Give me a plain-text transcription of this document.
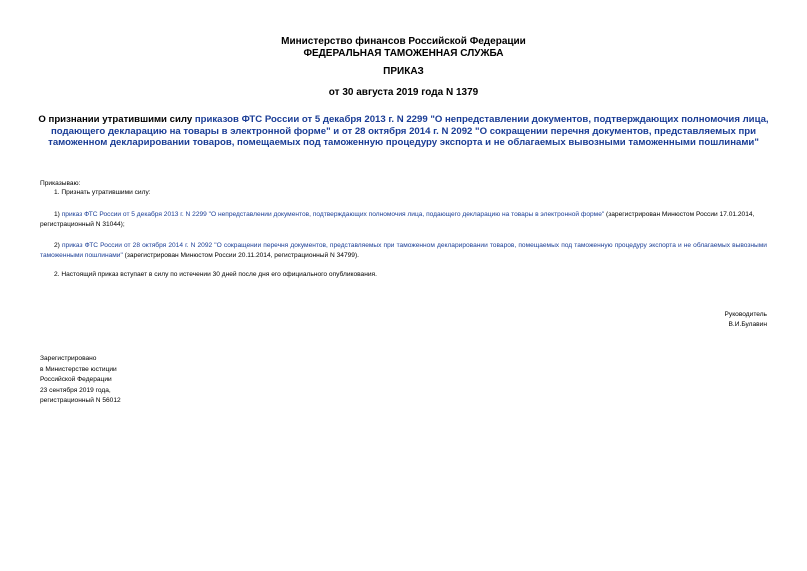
Министерство финансов Российской Федерации
ФЕДЕРАЛЬНАЯ ТАМОЖЕННАЯ СЛУЖБА
ПРИКАЗ
от 30 августа 2019 года N 1379
О признании утратившими силу приказов ФТС России от 5 декабря 2013 г. N 2299 "О непредставлении документов, подтверждающих полномочия лица, подающего декларацию на товары в электронной форме" и от 28 октября 2014 г. N 2092 "О сокращении перечня документов, представляемых при таможенном декларировании товаров, помещаемых под таможенную процедуру экспорта и не облагаемых вывозными таможенными пошлинами"
Приказываю:
1. Признать утратившими силу:
1) приказ ФТС России от 5 декабря 2013 г. N 2299 "О непредставлении документов, подтверждающих полномочия лица, подающего декларацию на товары в электронной форме" (зарегистрирован Минюстом России 17.01.2014, регистрационный N 31044);
2) приказ ФТС России от 28 октября 2014 г. N 2092 "О сокращении перечня документов, представляемых при таможенном декларировании товаров, помещаемых под таможенную процедуру экспорта и не облагаемых вывозными таможенными пошлинами" (зарегистрирован Минюстом России 20.11.2014, регистрационный N 34799).
2. Настоящий приказ вступает в силу по истечении 30 дней после дня его официального опубликования.
Руководитель
В.И.Булавин
Зарегистрировано
в Министерстве юстиции
Российской Федерации
23 сентября 2019 года,
регистрационный N 56012
